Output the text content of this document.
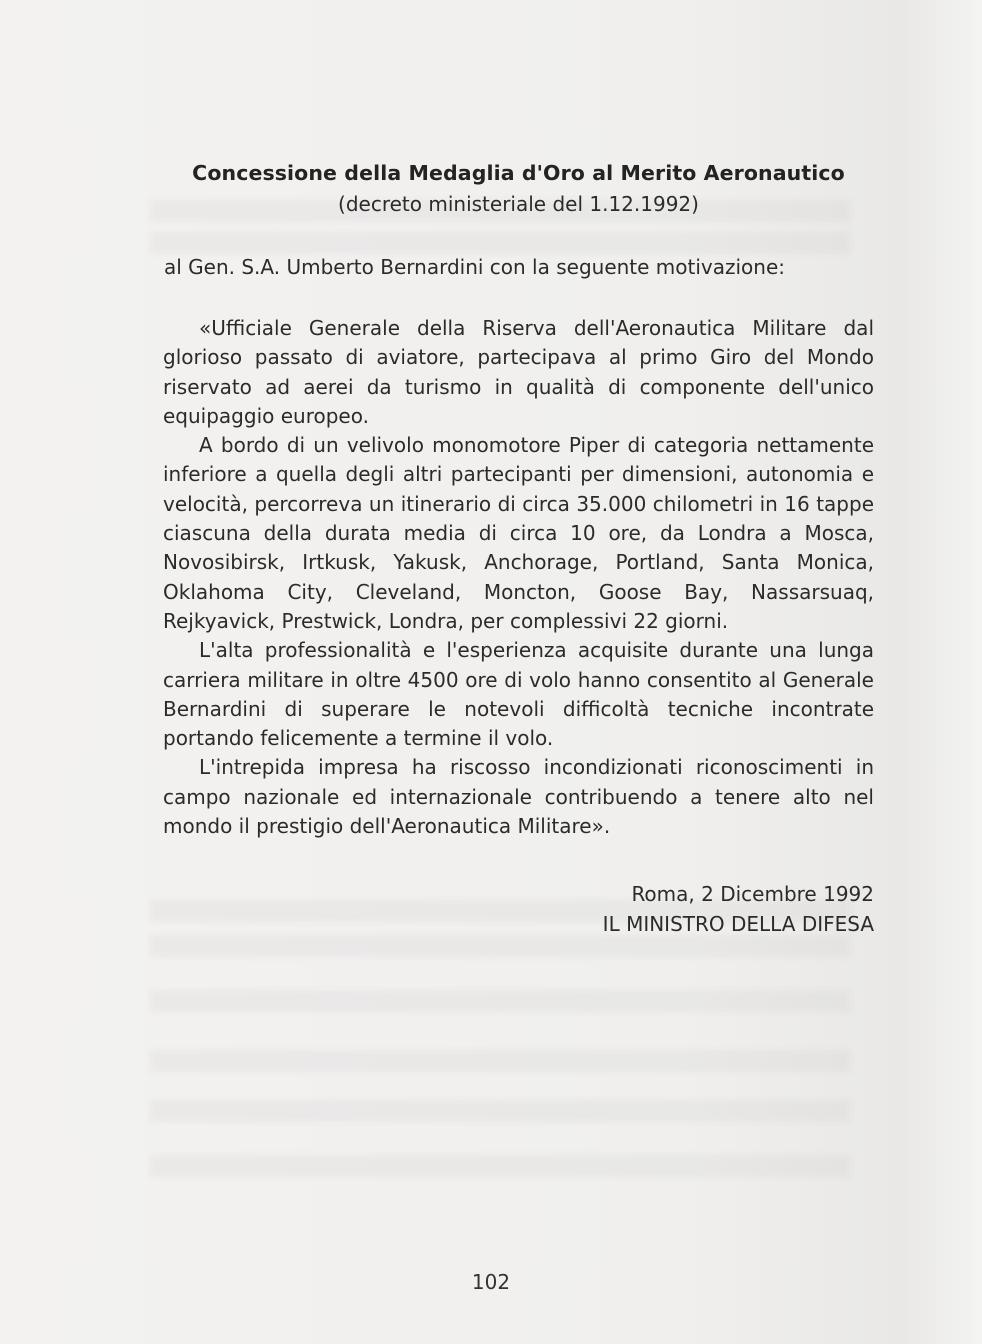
Concessione della Medaglia d'Oro al Merito Aeronautico
(decreto ministeriale del 1.12.1992)
al Gen. S.A. Umberto Bernardini con la seguente motivazione:

«Ufficiale Generale della Riserva dell'Aeronautica Militare dal glorioso passato di aviatore, partecipava al primo Giro del Mondo riservato ad aerei da turismo in qualità di componente dell'unico equipaggio europeo.

A bordo di un velivolo monomotore Piper di categoria nettamente inferiore a quella degli altri partecipanti per dimensioni, autonomia e velocità, percorreva un itinerario di circa 35.000 chilometri in 16 tappe ciascuna della durata media di circa 10 ore, da Londra a Mosca, Novosibirsk, Irtkusk, Yakusk, Anchorage, Portland, Santa Monica, Oklahoma City, Cleveland, Moncton, Goose Bay, Nassarsuaq, Rejkyavick, Prestwick, Londra, per complessivi 22 giorni.

L'alta professionalità e l'esperienza acquisite durante una lunga carriera militare in oltre 4500 ore di volo hanno consentito al Generale Bernardini di superare le notevoli difficoltà tecniche incontrate portando felicemente a termine il volo.

L'intrepida impresa ha riscosso incondizionati riconoscimenti in campo nazionale ed internazionale contribuendo a tenere alto nel mondo il prestigio dell'Aeronautica Militare».

Roma, 2 Dicembre 1992
IL MINISTRO DELLA DIFESA
102
